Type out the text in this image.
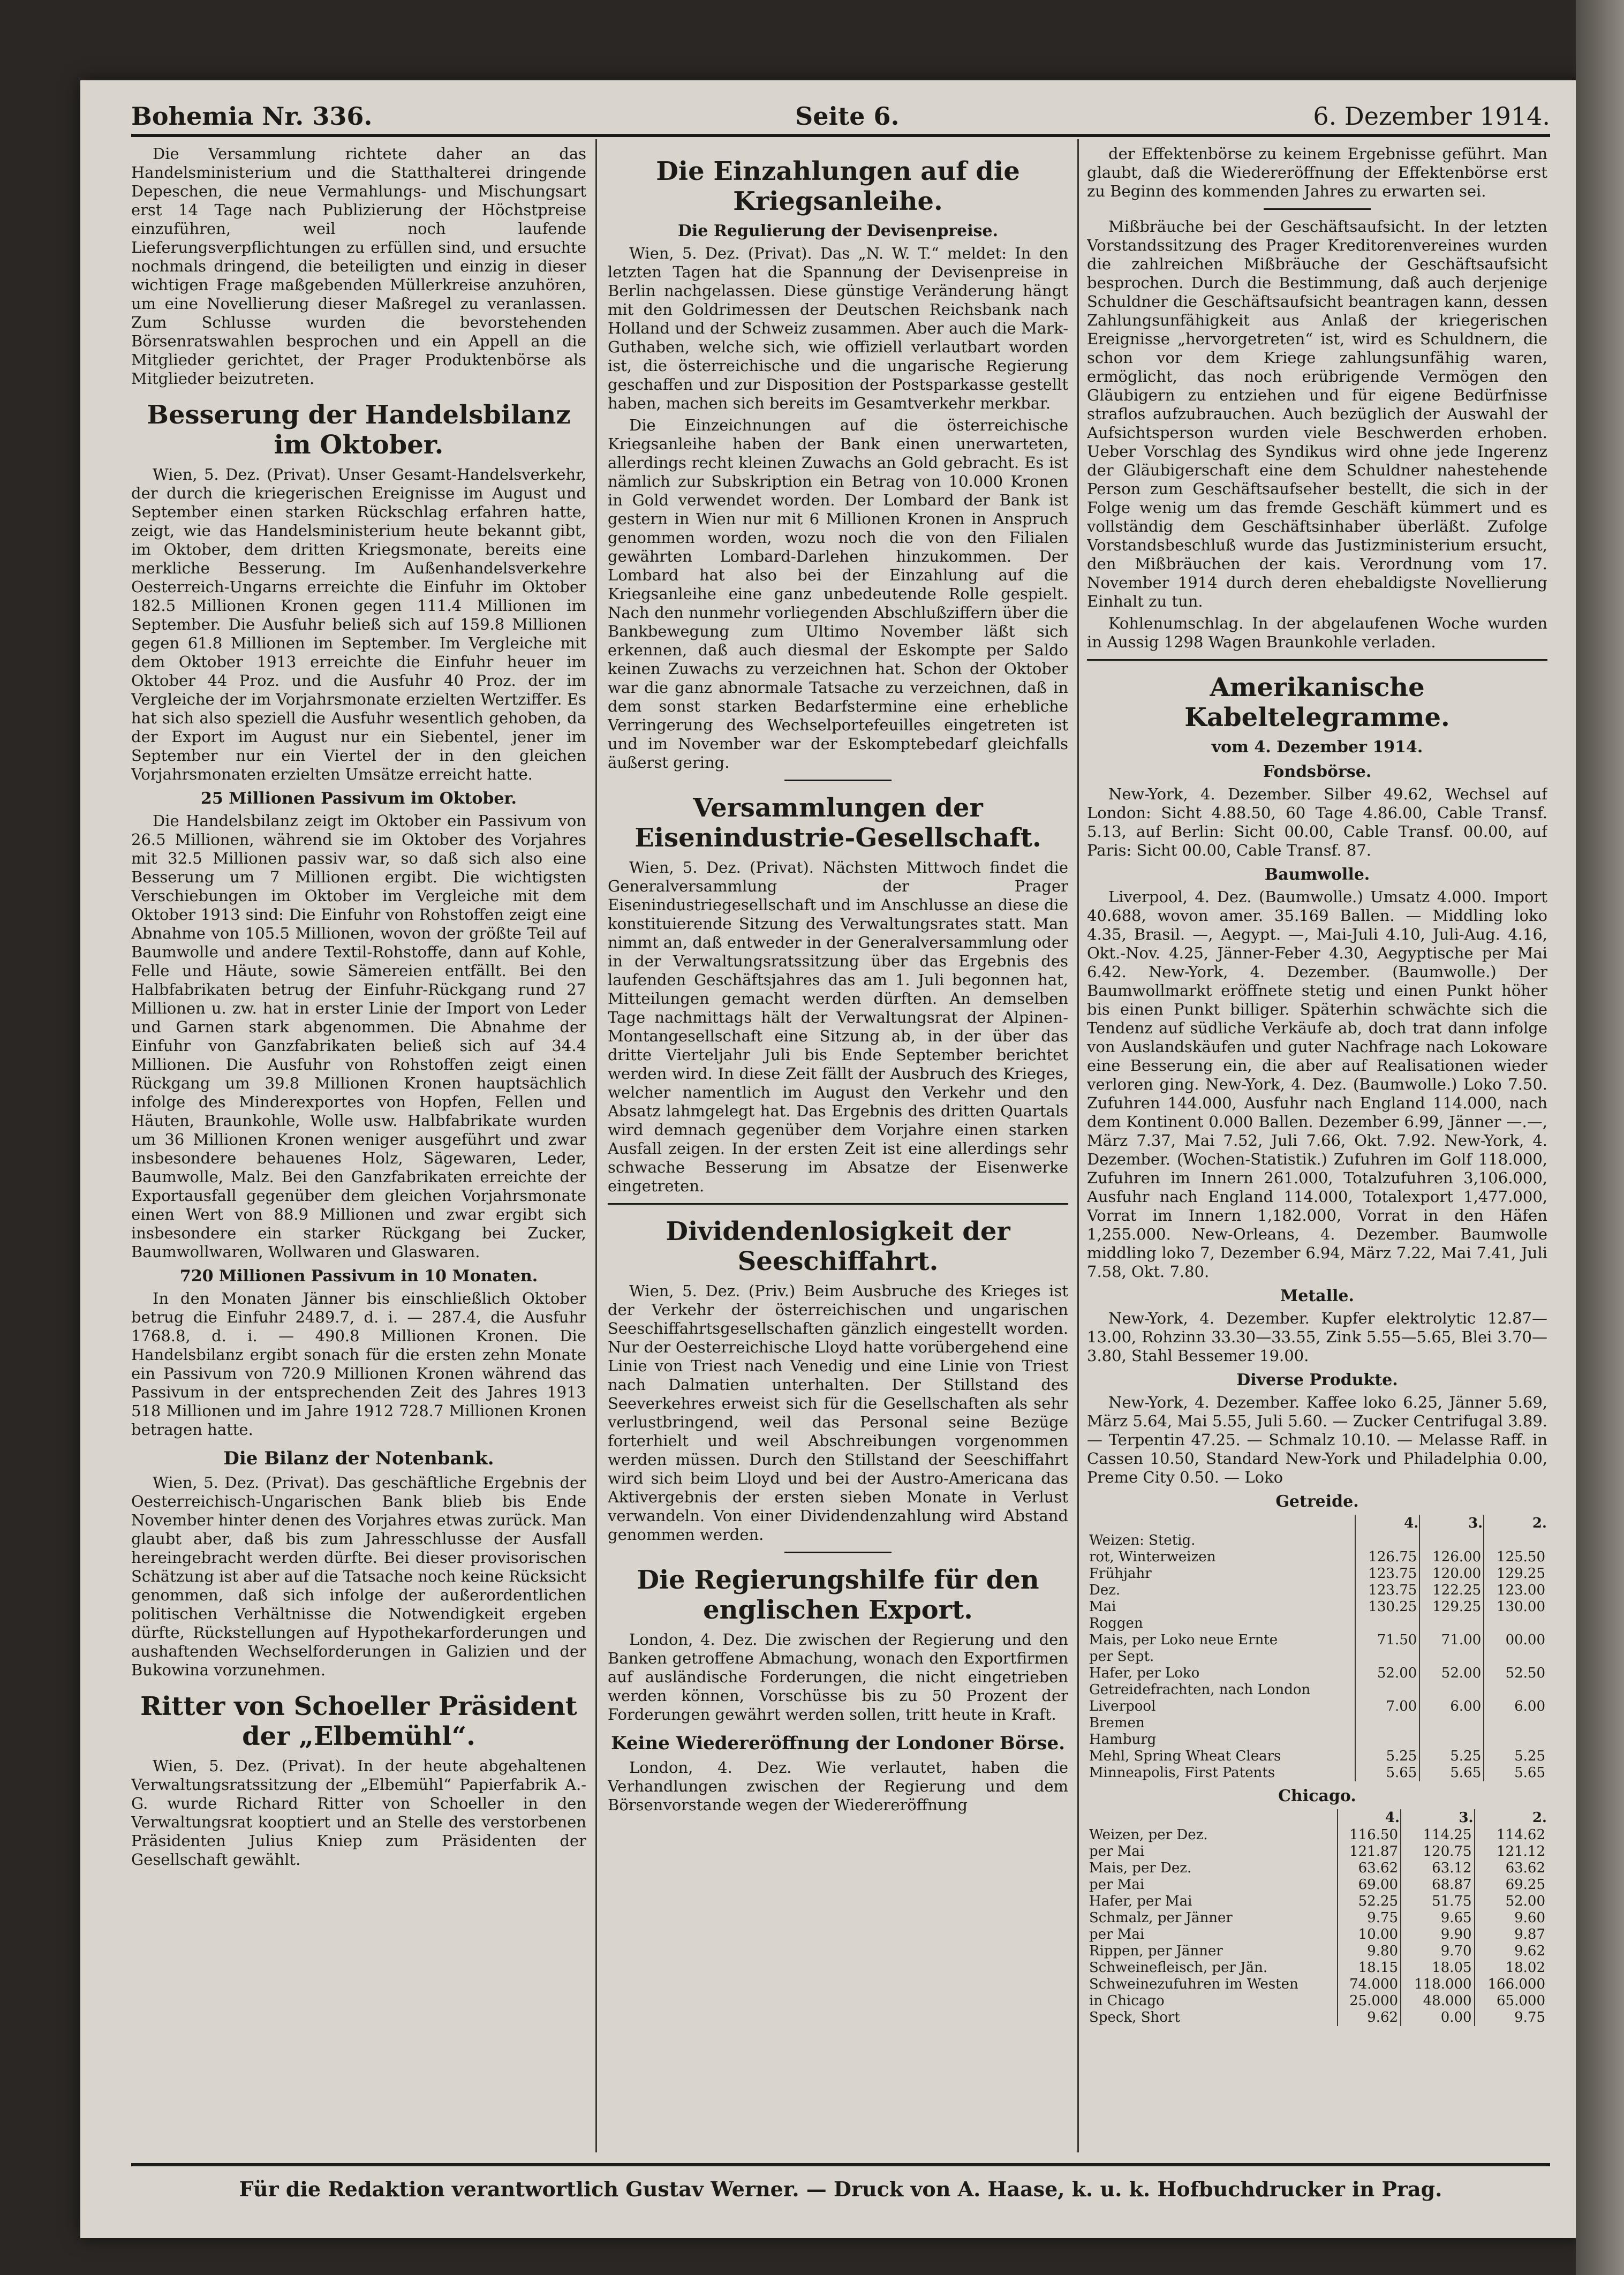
Bohemia Nr. 336.	Seite 6.	6. Dezember 1914.

Die Versammlung richtete daher an das Handelsministerium und die Statthalterei dringende Depeschen, die neue Vermahlungs- und Mischungsart erst 14 Tage nach Publizierung der Höchstpreise einzuführen, weil noch laufende Lieferungsverpflichtungen zu erfüllen sind, und ersuchte nochmals dringend, die beteiligten und einzig in dieser wichtigen Frage maßgebenden Müllerkreise anzuhören, um eine Novellierung dieser Maßregel zu veranlassen. Zum Schlusse wurden die bevorstehenden Börsenratswahlen besprochen und ein Appell an die Mitglieder gerichtet, der Prager Produktenbörse als Mitglieder beizutreten.

Besserung der Handelsbilanz im Oktober.

Wien, 5. Dez. (Privat). Unser Gesamt-Handelsverkehr, der durch die kriegerischen Ereignisse im August und September einen starken Rückschlag erfahren hatte, zeigt, wie das Handelsministerium heute bekannt gibt, im Oktober, dem dritten Kriegsmonate, bereits eine merkliche Besserung. Im Außenhandelsverkehre Oesterreich-Ungarns erreichte die Einfuhr im Oktober 182.5 Millionen Kronen gegen 111.4 Millionen im September. Die Ausfuhr beließ sich auf 159.8 Millionen gegen 61.8 Millionen im September. Im Vergleiche mit dem Oktober 1913 erreichte die Einfuhr heuer im Oktober 44 Proz. und die Ausfuhr 40 Proz. der im Vergleiche der im Vorjahrsmonate erzielten Wertziffer. Es hat sich also speziell die Ausfuhr wesentlich gehoben, da der Export im August nur ein Siebentel, jener im September nur ein Viertel der in den gleichen Vorjahrsmonaten erzielten Umsätze erreicht hatte.

25 Millionen Passivum im Oktober.

Die Handelsbilanz zeigt im Oktober ein Passivum von 26.5 Millionen, während sie im Oktober des Vorjahres mit 32.5 Millionen passiv war, so daß sich also eine Besserung um 7 Millionen ergibt. Die wichtigsten Verschiebungen im Oktober im Vergleiche mit dem Oktober 1913 sind: Die Einfuhr von Rohstoffen zeigt eine Abnahme von 105.5 Millionen, wovon der größte Teil auf Baumwolle und andere Textil-Rohstoffe, dann auf Kohle, Felle und Häute, sowie Sämereien entfällt. Bei den Halbfabrikaten betrug der Einfuhr-Rückgang rund 27 Millionen u. zw. hat in erster Linie der Import von Leder und Garnen stark abgenommen. Die Abnahme der Einfuhr von Ganzfabrikaten beließ sich auf 34.4 Millionen. Die Ausfuhr von Rohstoffen zeigt einen Rückgang um 39.8 Millionen Kronen hauptsächlich infolge des Minderexportes von Hopfen, Fellen und Häuten, Braunkohle, Wolle usw. Halbfabrikate wurden um 36 Millionen Kronen weniger ausgeführt und zwar insbesondere behauenes Holz, Sägewaren, Leder, Baumwolle, Malz. Bei den Ganzfabrikaten erreichte der Exportausfall gegenüber dem gleichen Vorjahrsmonate einen Wert von 88.9 Millionen und zwar ergibt sich insbesondere ein starker Rückgang bei Zucker, Baumwollwaren, Wollwaren und Glaswaren.

720 Millionen Passivum in 10 Monaten.

In den Monaten Jänner bis einschließlich Oktober betrug die Einfuhr 2489.7, d. i. — 287.4, die Ausfuhr 1768.8, d. i. — 490.8 Millionen Kronen. Die Handelsbilanz ergibt sonach für die ersten zehn Monate ein Passivum von 720.9 Millionen Kronen während das Passivum in der entsprechenden Zeit des Jahres 1913 518 Millionen und im Jahre 1912 728.7 Millionen Kronen betragen hatte.

Die Bilanz der Notenbank.

Wien, 5. Dez. (Privat). Das geschäftliche Ergebnis der Oesterreichisch-Ungarischen Bank blieb bis Ende November hinter denen des Vorjahres etwas zurück. Man glaubt aber, daß bis zum Jahresschlusse der Ausfall hereingebracht werden dürfte. Bei dieser provisorischen Schätzung ist aber auf die Tatsache noch keine Rücksicht genommen, daß sich infolge der außerordentlichen politischen Verhältnisse die Notwendigkeit ergeben dürfte, Rückstellungen auf Hypothekarforderungen und aushaftenden Wechselforderungen in Galizien und der Bukowina vorzunehmen.

Ritter von Schoeller Präsident der „Elbemühl“.

Wien, 5. Dez. (Privat). In der heute abgehaltenen Verwaltungsratssitzung der „Elbemühl“ Papierfabrik A.-G. wurde Richard Ritter von Schoeller in den Verwaltungsrat kooptiert und an Stelle des verstorbenen Präsidenten Julius Kniep zum Präsidenten der Gesellschaft gewählt.

Die Einzahlungen auf die Kriegsanleihe.
Die Regulierung der Devisenpreise.

Wien, 5. Dez. (Privat). Das „N. W. T.“ meldet: In den letzten Tagen hat die Spannung der Devisenpreise in Berlin nachgelassen. Diese günstige Veränderung hängt mit den Goldrimessen der Deutschen Reichsbank nach Holland und der Schweiz zusammen. Aber auch die Mark-Guthaben, welche sich, wie offiziell verlautbart worden ist, die österreichische und die ungarische Regierung geschaffen und zur Disposition der Postsparkasse gestellt haben, machen sich bereits im Gesamtverkehr merkbar.

Die Einzeichnungen auf die österreichische Kriegsanleihe haben der Bank einen unerwarteten, allerdings recht kleinen Zuwachs an Gold gebracht. Es ist nämlich zur Subskription ein Betrag von 10.000 Kronen in Gold verwendet worden. Der Lombard der Bank ist gestern in Wien nur mit 6 Millionen Kronen in Anspruch genommen worden, wozu noch die von den Filialen gewährten Lombard-Darlehen hinzukommen. Der Lombard hat also bei der Einzahlung auf die Kriegsanleihe eine ganz unbedeutende Rolle gespielt. Nach den nunmehr vorliegenden Abschlußziffern über die Bankbewegung zum Ultimo November läßt sich erkennen, daß auch diesmal der Eskompte per Saldo keinen Zuwachs zu verzeichnen hat. Schon der Oktober war die ganz abnormale Tatsache zu verzeichnen, daß in dem sonst starken Bedarfstermine eine erhebliche Verringerung des Wechselportefeuilles eingetreten ist und im November war der Eskomptebedarf gleichfalls äußerst gering.

Versammlungen der Eisenindustrie-Gesellschaft.

Wien, 5. Dez. (Privat). Nächsten Mittwoch findet die Generalversammlung der Prager Eisenindustriegesellschaft und im Anschlusse an diese die konstituierende Sitzung des Verwaltungsrates statt. Man nimmt an, daß entweder in der Generalversammlung oder in der Verwaltungsratssitzung über das Ergebnis des laufenden Geschäftsjahres das am 1. Juli begonnen hat, Mitteilungen gemacht werden dürften. An demselben Tage nachmittags hält der Verwaltungsrat der Alpinen-Montangesellschaft eine Sitzung ab, in der über das dritte Vierteljahr Juli bis Ende September berichtet werden wird. In diese Zeit fällt der Ausbruch des Krieges, welcher namentlich im August den Verkehr und den Absatz lahmgelegt hat. Das Ergebnis des dritten Quartals wird demnach gegenüber dem Vorjahre einen starken Ausfall zeigen. In der ersten Zeit ist eine allerdings sehr schwache Besserung im Absatze der Eisenwerke eingetreten.

Dividendenlosigkeit der Seeschiffahrt.

Wien, 5. Dez. (Priv.) Beim Ausbruche des Krieges ist der Verkehr der österreichischen und ungarischen Seeschiffahrtsgesellschaften gänzlich eingestellt worden. Nur der Oesterreichische Lloyd hatte vorübergehend eine Linie von Triest nach Venedig und eine Linie von Triest nach Dalmatien unterhalten. Der Stillstand des Seeverkehres erweist sich für die Gesellschaften als sehr verlustbringend, weil das Personal seine Bezüge forterhielt und weil Abschreibungen vorgenommen werden müssen. Durch den Stillstand der Seeschiffahrt wird sich beim Lloyd und bei der Austro-Americana das Aktivergebnis der ersten sieben Monate in Verlust verwandeln. Von einer Dividendenzahlung wird Abstand genommen werden.

Die Regierungshilfe für den englischen Export.

London, 4. Dez. Die zwischen der Regierung und den Banken getroffene Abmachung, wonach den Exportfirmen auf ausländische Forderungen, die nicht eingetrieben werden können, Vorschüsse bis zu 50 Prozent der Forderungen gewährt werden sollen, tritt heute in Kraft.

Keine Wiedereröffnung der Londoner Börse.

London, 4. Dez. Wie verlautet, haben die Verhandlungen zwischen der Regierung und dem Börsenvorstande wegen der Wiedereröffnung

der Effektenbörse zu keinem Ergebnisse geführt. Man glaubt, daß die Wiedereröffnung der Effektenbörse erst zu Beginn des kommenden Jahres zu erwarten sei.

Mißbräuche bei der Geschäftsaufsicht. In der letzten Vorstandssitzung des Prager Kreditorenvereines wurden die zahlreichen Mißbräuche der Geschäftsaufsicht besprochen. Durch die Bestimmung, daß auch derjenige Schuldner die Geschäftsaufsicht beantragen kann, dessen Zahlungsunfähigkeit aus Anlaß der kriegerischen Ereignisse „hervorgetreten“ ist, wird es Schuldnern, die schon vor dem Kriege zahlungsunfähig waren, ermöglicht, das noch erübrigende Vermögen den Gläubigern zu entziehen und für eigene Bedürfnisse straflos aufzubrauchen. Auch bezüglich der Auswahl der Aufsichtsperson wurden viele Beschwerden erhoben. Ueber Vorschlag des Syndikus wird ohne jede Ingerenz der Gläubigerschaft eine dem Schuldner nahestehende Person zum Geschäftsaufseher bestellt, die sich in der Folge wenig um das fremde Geschäft kümmert und es vollständig dem Geschäftsinhaber überläßt. Zufolge Vorstandsbeschluß wurde das Justizministerium ersucht, den Mißbräuchen der kais. Verordnung vom 17. November 1914 durch deren ehebaldigste Novellierung Einhalt zu tun.

Kohlenumschlag. In der abgelaufenen Woche wurden in Aussig 1298 Wagen Braunkohle verladen.

Amerikanische Kabeltelegramme.
vom 4. Dezember 1914.
Fondsbörse.

New-York, 4. Dezember. Silber 49.62, Wechsel auf London: Sicht 4.88.50, 60 Tage 4.86.00, Cable Transf. 5.13, auf Berlin: Sicht 00.00, Cable Transf. 00.00, auf Paris: Sicht 00.00, Cable Transf. 87.

Baumwolle.

Liverpool, 4. Dez. (Baumwolle.) Umsatz 4.000. Import 40.688, wovon amer. 35.169 Ballen. — Middling loko 4.35, Brasil. —, Aegypt. —, Mai-Juli 4.10, Juli-Aug. 4.16, Okt.-Nov. 4.25, Jänner-Feber 4.30, Aegyptische per Mai 6.42. New-York, 4. Dezember. (Baumwolle.) Der Baumwollmarkt eröffnete stetig und einen Punkt höher bis einen Punkt billiger. Späterhin schwächte sich die Tendenz auf südliche Verkäufe ab, doch trat dann infolge von Auslandskäufen und guter Nachfrage nach Lokoware eine Besserung ein, die aber auf Realisationen wieder verloren ging. New-York, 4. Dez. (Baumwolle.) Loko 7.50. Zufuhren 144.000, Ausfuhr nach England 114.000, nach dem Kontinent 0.000 Ballen. Dezember 6.99, Jänner —.—, März 7.37, Mai 7.52, Juli 7.66, Okt. 7.92. New-York, 4. Dezember. (Wochen-Statistik.) Zufuhren im Golf 118.000, Zufuhren im Innern 261.000, Totalzufuhren 3,106.000, Ausfuhr nach England 114.000, Totalexport 1,477.000, Vorrat im Innern 1,182.000, Vorrat in den Häfen 1,255.000. New-Orleans, 4. Dezember. Baumwolle middling loko 7, Dezember 6.94, März 7.22, Mai 7.41, Juli 7.58, Okt. 7.80.

Metalle.

New-York, 4. Dezember. Kupfer elektrolytic 12.87—13.00, Rohzinn 33.30—33.55, Zink 5.55—5.65, Blei 3.70—3.80, Stahl Bessemer 19.00.

Diverse Produkte.

New-York, 4. Dezember. Kaffee loko 6.25, Jänner 5.69, März 5.64, Mai 5.55, Juli 5.60. — Zucker Centrifugal 3.89. — Terpentin 47.25. — Schmalz 10.10. — Melasse Raff. in Cassen 10.50, Standard New-York und Philadelphia 0.00, Preme City 0.50. — Loko

Getreide.
	4.	3.	2.
Weizen: Stetig.			
rot, Winterweizen	126.75	126.00	125.50
Frühjahr	123.75	120.00	129.25
Dez.	123.75	122.25	123.00
Mai	130.25	129.25	130.00
Roggen			
Mais, per Loko neue Ernte	71.50	71.00	00.00
per Sept.			
Hafer, per Loko	52.00	52.00	52.50
Getreidefrachten, nach London			
Liverpool	7.00	6.00	6.00
Bremen			
Hamburg			
Mehl, Spring Wheat Clears	5.25	5.25	5.25
Minneapolis, First Patents	5.65	5.65	5.65
Chicago.
	4.	3.	2.
Weizen, per Dez.	116.50	114.25	114.62
per Mai	121.87	120.75	121.12
Mais, per Dez.	63.62	63.12	63.62
per Mai	69.00	68.87	69.25
Hafer, per Mai	52.25	51.75	52.00
Schmalz, per Jänner	9.75	9.65	9.60
per Mai	10.00	9.90	9.87
Rippen, per Jänner	9.80	9.70	9.62
Schweinefleisch, per Jän.	18.15	18.05	18.02
Schweinezufuhren im Westen	74.000	118.000	166.000
in Chicago	25.000	48.000	65.000
Speck, Short	9.62	0.00	9.75
Für die Redaktion verantwortlich Gustav Werner. — Druck von A. Haase, k. u. k. Hofbuchdrucker in Prag.
